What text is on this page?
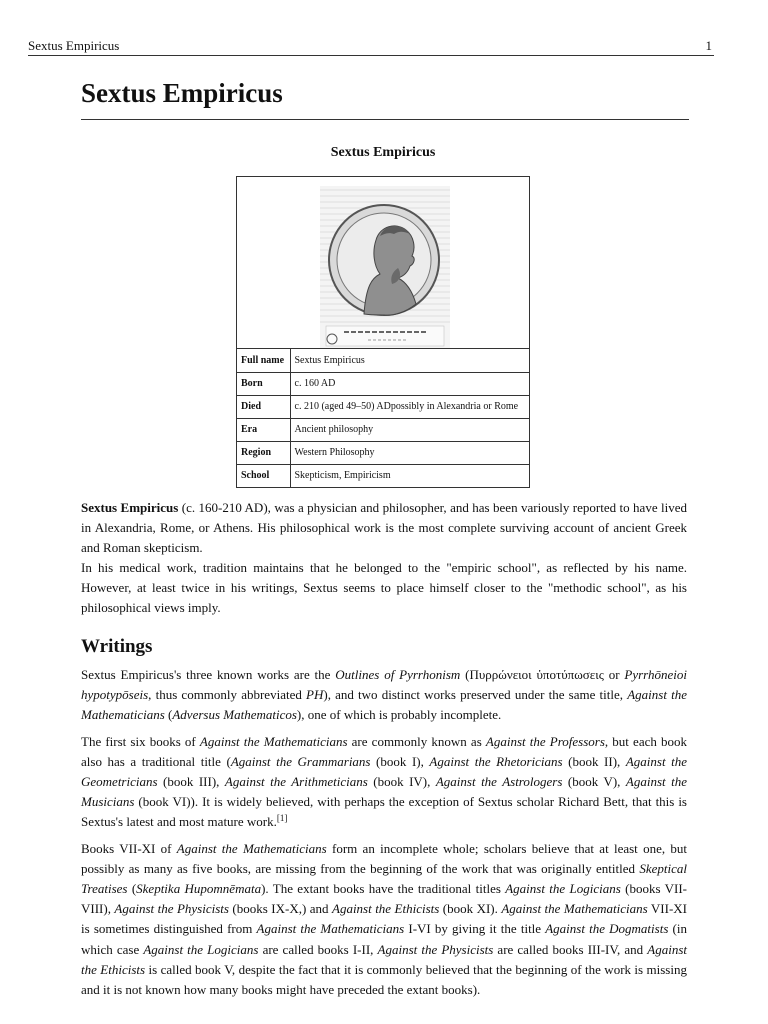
Sextus Empiricus	1
Sextus Empiricus
Sextus Empiricus
Full name	Sextus Empiricus
Born	c. 160 AD
Died	c. 210 (aged 49–50) ADpossibly in Alexandria or Rome
Era	Ancient philosophy
Region	Western Philosophy
School	Skepticism, Empiricism

Sextus Empiricus (c. 160-210 AD), was a physician and philosopher, and has been variously reported to have lived in Alexandria, Rome, or Athens. His philosophical work is the most complete surviving account of ancient Greek and Roman skepticism.

In his medical work, tradition maintains that he belonged to the "empiric school", as reflected by his name. However, at least twice in his writings, Sextus seems to place himself closer to the "methodic school", as his philosophical views imply.

Writings

Sextus Empiricus's three known works are the Outlines of Pyrrhonism (Πυρρώνειοι ὑποτύπωσεις or Pyrrhōneioi hypotypōseis, thus commonly abbreviated PH), and two distinct works preserved under the same title, Against the Mathematicians (Adversus Mathematicos), one of which is probably incomplete.

The first six books of Against the Mathematicians are commonly known as Against the Professors, but each book also has a traditional title (Against the Grammarians (book I), Against the Rhetoricians (book II), Against the Geometricians (book III), Against the Arithmeticians (book IV), Against the Astrologers (book V), Against the Musicians (book VI)). It is widely believed, with perhaps the exception of Sextus scholar Richard Bett, that this is Sextus's latest and most mature work.[1]

Books VII-XI of Against the Mathematicians form an incomplete whole; scholars believe that at least one, but possibly as many as five books, are missing from the beginning of the work that was originally entitled Skeptical Treatises (Skeptika Hupomnēmata). The extant books have the traditional titles Against the Logicians (books VII-VIII), Against the Physicists (books IX-X,) and Against the Ethicists (book XI). Against the Mathematicians VII-XI is sometimes distinguished from Against the Mathematicians I-VI by giving it the title Against the Dogmatists (in which case Against the Logicians are called books I-II, Against the Physicists are called books III-IV, and Against the Ethicists is called book V, despite the fact that it is commonly believed that the beginning of the work is missing and it is not known how many books might have preceded the extant books).
